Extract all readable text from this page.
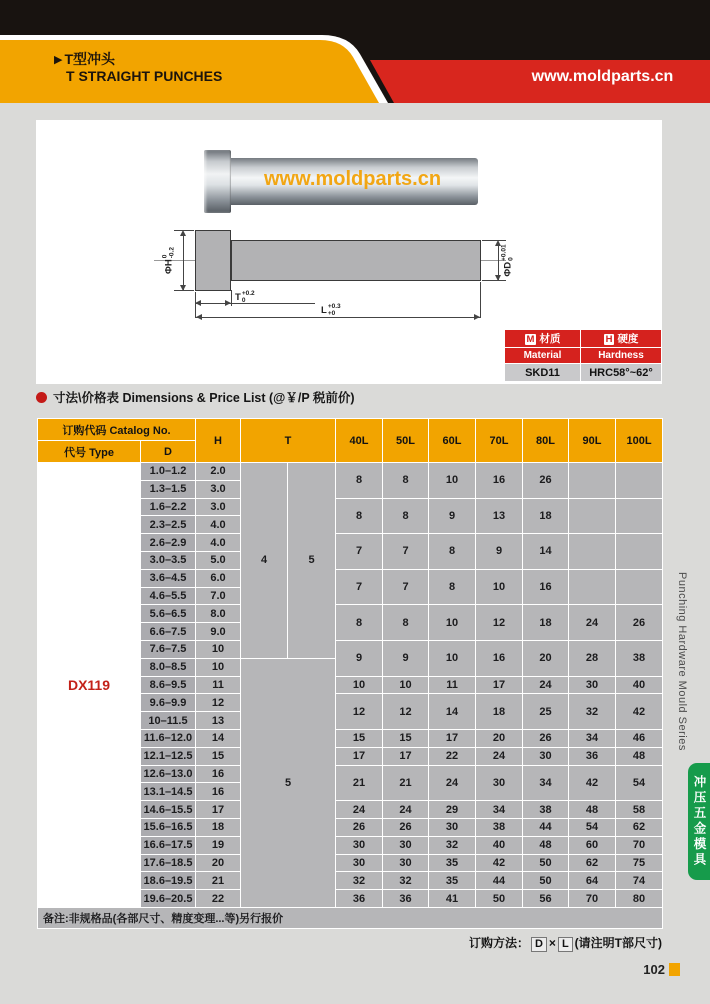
▶ T型冲头
T STRAIGHT PUNCHES	www.moldparts.cn
www.moldparts.cn
ΦH
0 -0.2
ΦD
+0.01 0
T +0.2
0
L +0.3
+0
M 材质	H 硬度
Material	Hardness
SKD11	HRC58°~62°
寸法\价格表 Dimensions & Price List (@￥/P 税前价)
订购代码 Catalog No.		H	T		40L	50L	60L	70L	80L	90L	100L
代号 Type	D										
DX119	1.0–1.2	2.0	4	5	8	8	10	16	26		
	1.3–1.5	3.0									
	1.6–2.2	3.0			8	8	9	13	18		
	2.3–2.5	4.0									
	2.6–2.9	4.0			7	7	8	9	14		
	3.0–3.5	5.0									
	3.6–4.5	6.0			7	7	8	10	16		
	4.6–5.5	7.0									
	5.6–6.5	8.0			8	8	10	12	18	24	26
	6.6–7.5	9.0									
	7.6–7.5	10			9	9	10	16	20	28	38
	8.0–8.5	10	5								
	8.6–9.5	11			10	10	11	17	24	30	40
	9.6–9.9	12			12	12	14	18	25	32	42
	10–11.5	13									
	11.6–12.0	14			15	15	17	20	26	34	46
	12.1–12.5	15			17	17	22	24	30	36	48
	12.6–13.0	16			21	21	24	30	34	42	54
	13.1–14.5	16									
	14.6–15.5	17			24	24	29	34	38	48	58
	15.6–16.5	18			26	26	30	38	44	54	62
	16.6–17.5	19			30	30	32	40	48	60	70
	17.6–18.5	20			30	30	35	42	50	62	75
	18.6–19.5	21			32	32	35	44	50	64	74
	19.6–20.5	22			36	36	41	50	56	70	80
备注:非规格品(各部尺寸、精度变理...等)另行报价											
订购方法： D × L (请注明T部尺寸)
102
Punching Hardware Mould Series
冲压五金模具
